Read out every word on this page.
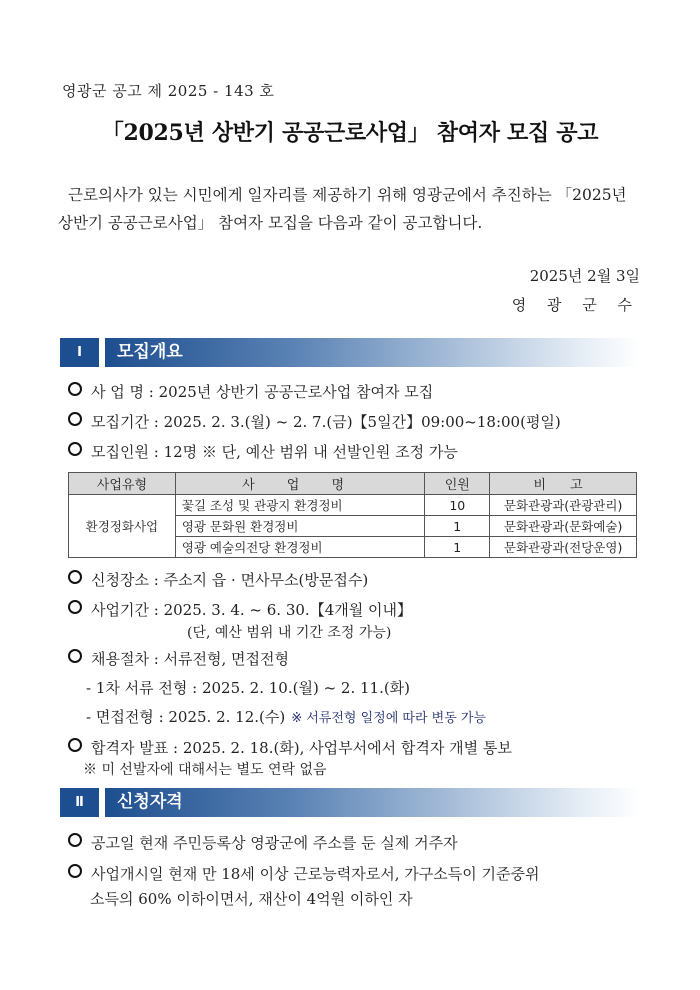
영광군 공고 제 2025 - 143 호
「2025년 상반기 공공근로사업」 참여자 모집 공고
근로의사가 있는 시민에게 일자리를 제공하기 위해 영광군에서 추진하는 「2025년
상반기 공공근로사업」 참여자 모집을 다음과 같이 공고합니다.
2025년 2월 3일
영 광 군 수
Ⅰ	모집개요
사 업 명 : 2025년 상반기 공공근로사업 참여자 모집
모집기간 : 2025. 2. 3.(월) ~ 2. 7.(금)【5일간】09:00~18:00(평일)
모집인원 : 12명 ※ 단, 예산 범위 내 선발인원 조정 가능
사업유형	사 업 명	인원	비 고
환경정화사업	꽃길 조성 및 관광지 환경정비	10	문화관광과(관광관리)
	영광 문화원 환경정비	1	문화관광과(문화예술)
	영광 예술의전당 환경정비	1	문화관광과(전당운영)
신청장소 : 주소지 읍 · 면사무소(방문접수)
사업기간 : 2025. 3. 4. ~ 6. 30.【4개월 이내】
(단, 예산 범위 내 기간 조정 가능)
채용절차 : 서류전형, 면접전형
- 1차 서류 전형 : 2025. 2. 10.(월) ~ 2. 11.(화)
- 면접전형 : 2025. 2. 12.(수) ※ 서류전형 일정에 따라 변동 가능
합격자 발표 : 2025. 2. 18.(화), 사업부서에서 합격자 개별 통보
※ 미 선발자에 대해서는 별도 연락 없음
Ⅱ	신청자격
공고일 현재 주민등록상 영광군에 주소를 둔 실제 거주자
사업개시일 현재 만 18세 이상 근로능력자로서, 가구소득이 기준중위
소득의 60% 이하이면서, 재산이 4억원 이하인 자
